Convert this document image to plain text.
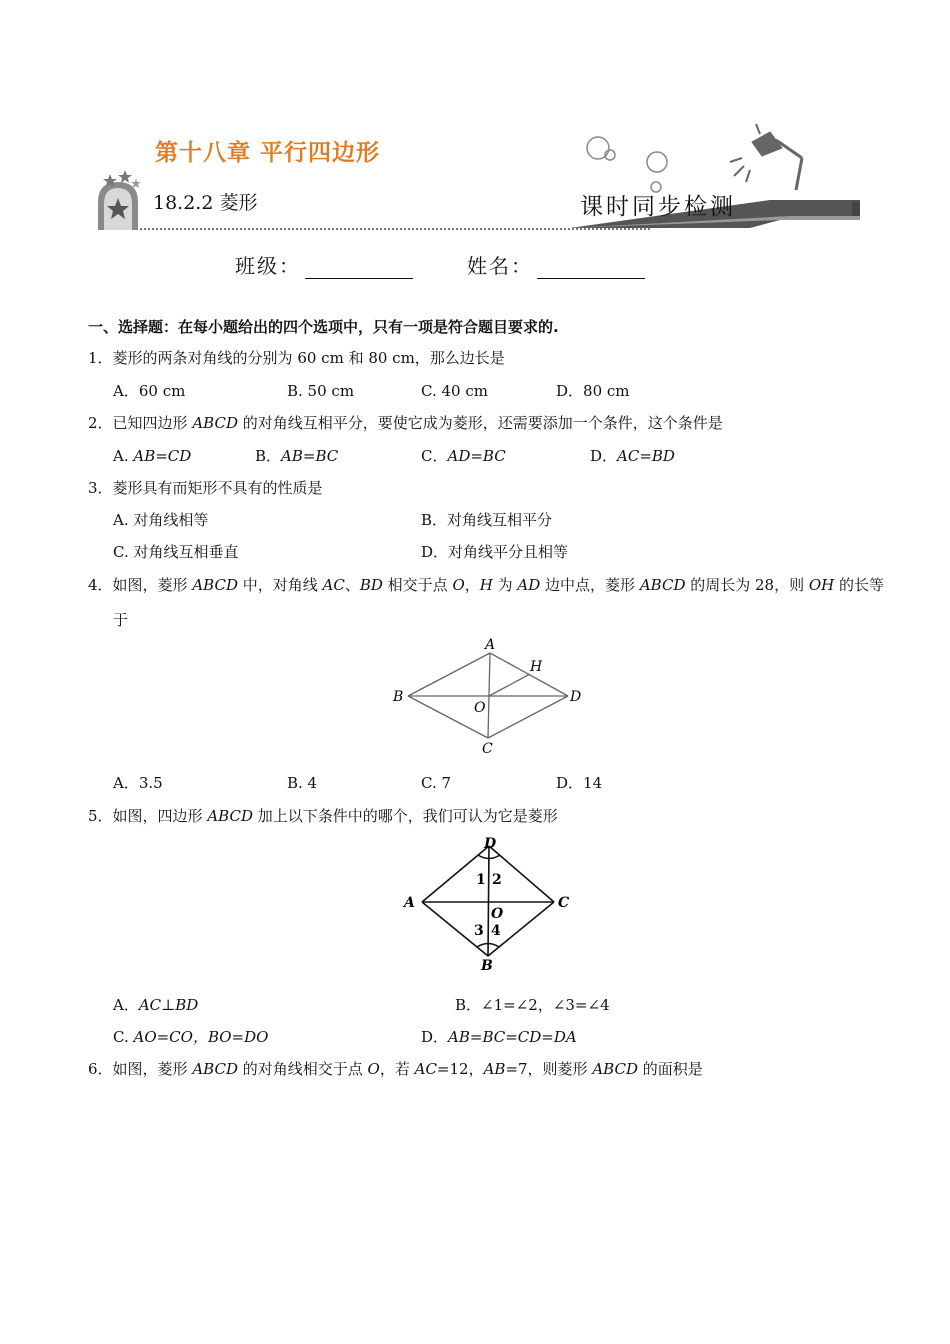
第十八章 平行四边形
18.2.2 菱形	课时同步检测
班级：	姓名：
一、选择题：在每小题给出的四个选项中，只有一项是符合题目要求的.
1．菱形的两条对角线的分别为 60 cm 和 80 cm，那么边长是
A．60 cm	B. 50 cm	C. 40 cm	D．80 cm
2．已知四边形 ABCD 的对角线互相平分，要使它成为菱形，还需要添加一个条件，这个条件是
A. AB=CD	B．AB=BC	C．AD=BC	D．AC=BD
3．菱形具有而矩形不具有的性质是
A. 对角线相等	B．对角线互相平分
C. 对角线互相垂直	D．对角线平分且相等
4．如图，菱形 ABCD 中，对角线 AC、BD 相交于点 O，H 为 AD 边中点，菱形 ABCD 的周长为 28，则 OH 的长等
于
A
H
B
O
D
C
A．3.5	B. 4	C. 7	D．14
5．如图，四边形 ABCD 加上以下条件中的哪个，我们可认为它是菱形
D
A	C
O
B
1 2
3 4
A．AC⊥BD	B．∠1=∠2，∠3=∠4
C. AO=CO，BO=DO	D．AB=BC=CD=DA
6．如图，菱形 ABCD 的对角线相交于点 O，若 AC=12，AB=7，则菱形 ABCD 的面积是
